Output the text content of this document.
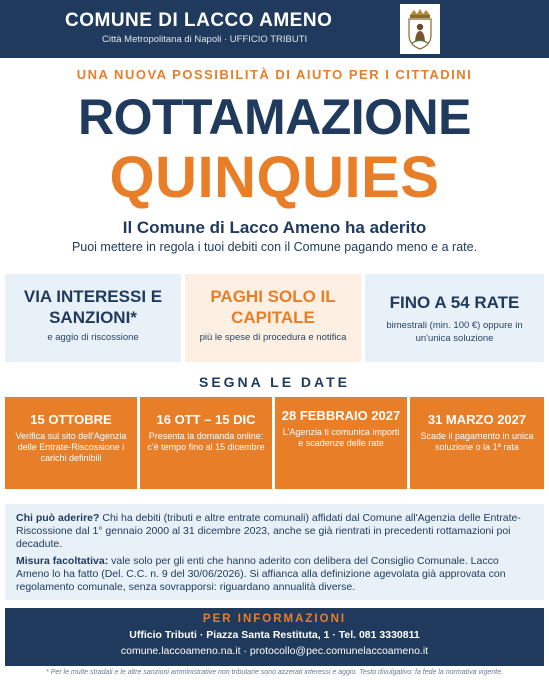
COMUNE DI LACCO AMENO
Città Metropolitana di Napoli · UFFICIO TRIBUTI
UNA NUOVA POSSIBILITÀ DI AIUTO PER I CITTADINI
ROTTAMAZIONE
QUINQUIES
Il Comune di Lacco Ameno ha aderito
Puoi mettere in regola i tuoi debiti con il Comune pagando meno e a rate.
VIA INTERESSI E SANZIONI*
e aggio di riscossione
PAGHI SOLO IL CAPITALE
più le spese di procedura e notifica
FINO A 54 RATE
bimestrali (min. 100 €) oppure in un'unica soluzione
SEGNA LE DATE
15 OTTOBRE
Verifica sul sito dell'Agenzia delle Entrate-Riscossione i carichi definibili
16 OTT – 15 DIC
Presenta la domanda online: c'è tempo fino al 15 dicembre
28 FEBBRAIO 2027
L'Agenzia ti comunica importi e scadenze delle rate
31 MARZO 2027
Scade il pagamento in unica soluzione o la 1ª rata

Chi può aderire? Chi ha debiti (tributi e altre entrate comunali) affidati dal Comune all'Agenzia delle Entrate-Riscossione dal 1° gennaio 2000 al 31 dicembre 2023, anche se già rientrati in precedenti rottamazioni poi decadute.

Misura facoltativa: vale solo per gli enti che hanno aderito con delibera del Consiglio Comunale. Lacco Ameno lo ha fatto (Del. C.C. n. 9 del 30/06/2026). Si affianca alla definizione agevolata già approvata con regolamento comunale, senza sovrapporsi: riguardano annualità diverse.

PER INFORMAZIONI
Ufficio Tributi · Piazza Santa Restituta, 1 · Tel. 081 3330811
comune.laccoameno.na.it · protocollo@pec.comunelaccoameno.it
* Per le multe stradali e le altre sanzioni amministrative non tributarie sono azzerati interessi e aggio. Testo divulgativo: fa fede la normativa vigente.
